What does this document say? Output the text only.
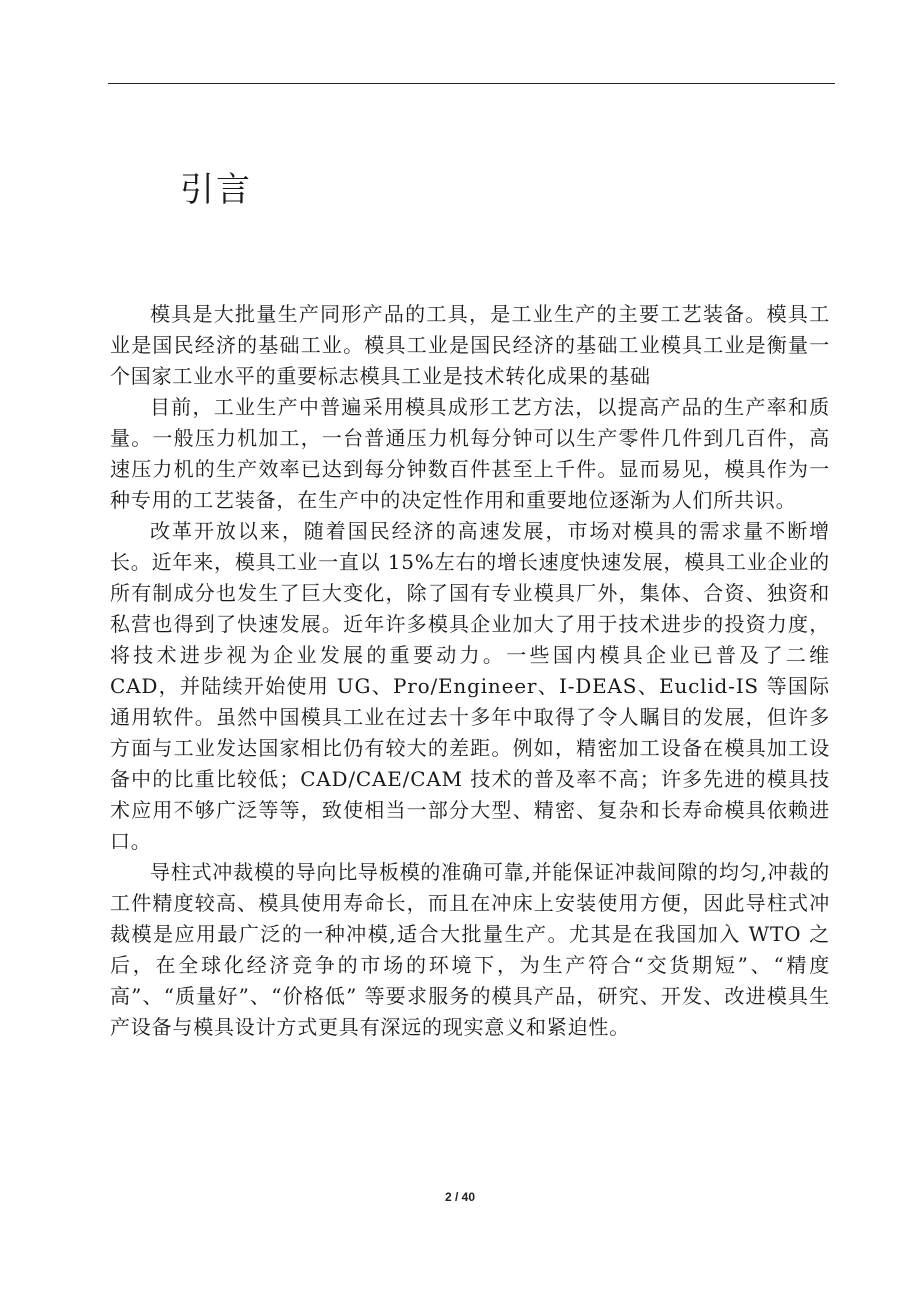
引言

模具是大批量生产同形产品的工具，是工业生产的主要工艺装备。模具工业是国民经济的基础工业。模具工业是国民经济的基础工业模具工业是衡量一个国家工业水平的重要标志模具工业是技术转化成果的基础

目前，工业生产中普遍采用模具成形工艺方法，以提高产品的生产率和质量。一般压力机加工，一台普通压力机每分钟可以生产零件几件到几百件，高速压力机的生产效率已达到每分钟数百件甚至上千件。显而易见，模具作为一种专用的工艺装备，在生产中的决定性作用和重要地位逐渐为人们所共识。

改革开放以来，随着国民经济的高速发展，市场对模具的需求量不断增长。近年来，模具工业一直以 15%左右的增长速度快速发展，模具工业企业的所有制成分也发生了巨大变化，除了国有专业模具厂外，集体、合资、独资和私营也得到了快速发展。近年许多模具企业加大了用于技术进步的投资力度，将技术进步视为企业发展的重要动力。一些国内模具企业已普及了二维 CAD，并陆续开始使用 UG、Pro/Engineer、I-DEAS、Euclid-IS 等国际通用软件。虽然中国模具工业在过去十多年中取得了令人瞩目的发展，但许多方面与工业发达国家相比仍有较大的差距。例如，精密加工设备在模具加工设备中的比重比较低；CAD/CAE/CAM 技术的普及率不高；许多先进的模具技术应用不够广泛等等，致使相当一部分大型、精密、复杂和长寿命模具依赖进口。

导柱式冲裁模的导向比导板模的准确可靠,并能保证冲裁间隙的均匀,冲裁的工件精度较高、模具使用寿命长，而且在冲床上安装使用方便，因此导柱式冲裁模是应用最广泛的一种冲模,适合大批量生产。尤其是在我国加入 WTO 之后，在全球化经济竞争的市场的环境下，为生产符合“交货期短”、“精度高”、“质量好”、“价格低” 等要求服务的模具产品，研究、开发、改进模具生产设备与模具设计方式更具有深远的现实意义和紧迫性。

2 / 40
